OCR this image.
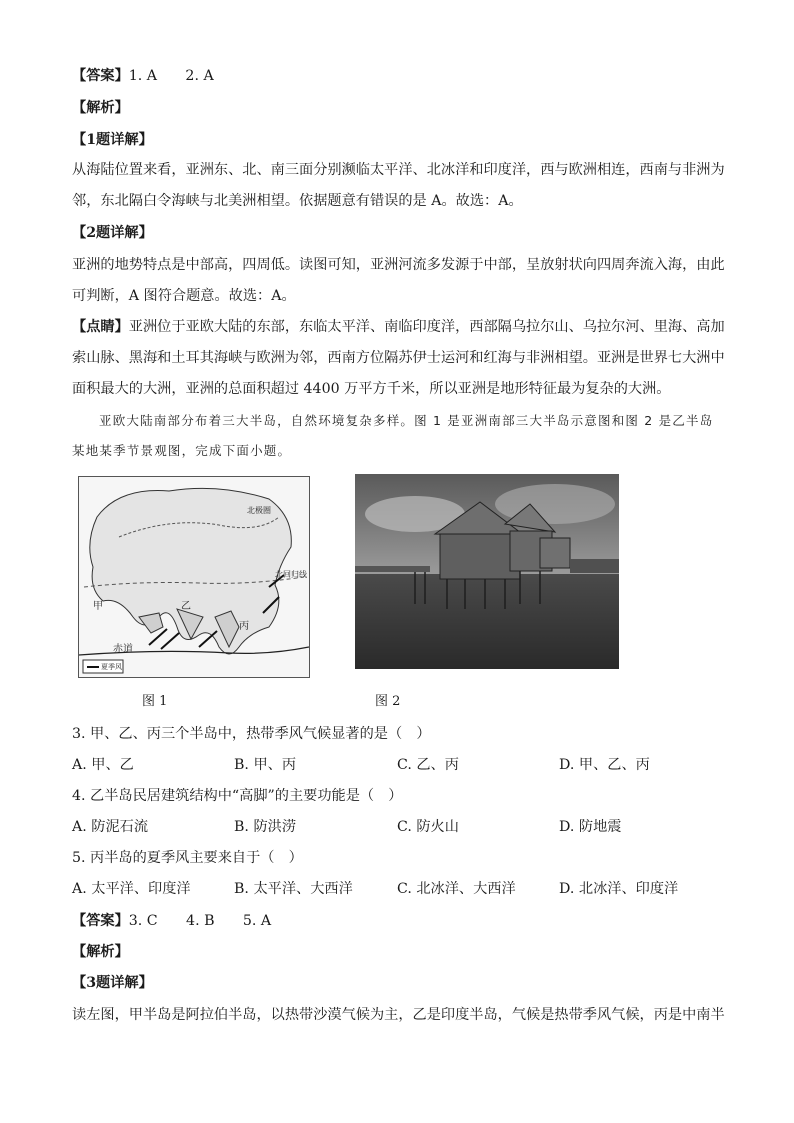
【答案】1. A　　2. A
【解析】
【1题详解】
从海陆位置来看，亚洲东、北、南三面分别濒临太平洋、北冰洋和印度洋，西与欧洲相连，西南与非洲为
邻，东北隔白令海峡与北美洲相望。依据题意有错误的是 A。故选：A。
【2题详解】
亚洲的地势特点是中部高，四周低。读图可知，亚洲河流多发源于中部，呈放射状向四周奔流入海，由此
可判断，A 图符合题意。故选：A。
【点睛】亚洲位于亚欧大陆的东部，东临太平洋、南临印度洋，西部隔乌拉尔山、乌拉尔河、里海、高加
索山脉、黑海和土耳其海峡与欧洲为邻，西南方位隔苏伊士运河和红海与非洲相望。亚洲是世界七大洲中
面积最大的大洲，亚洲的总面积超过 4400 万平方千米，所以亚洲是地形特征最为复杂的大洲。
亚欧大陆南部分布着三大半岛，自然环境复杂多样。图 1 是亚洲南部三大半岛示意图和图 2 是乙半岛
某地某季节景观图，完成下面小题。
甲	乙
丙
赤道
夏季风
北极圈
北回归线
图 1	图 2
3. 甲、乙、丙三个半岛中，热带季风气候显著的是（　）
A. 甲、乙	B. 甲、丙	C. 乙、丙	D. 甲、乙、丙
4. 乙半岛民居建筑结构中“高脚”的主要功能是（　）
A. 防泥石流	B. 防洪涝	C. 防火山	D. 防地震
5. 丙半岛的夏季风主要来自于（　）
A. 太平洋、印度洋	B. 太平洋、大西洋	C. 北冰洋、大西洋	D. 北冰洋、印度洋
【答案】3. C　　4. B　　5. A
【解析】
【3题详解】
读左图，甲半岛是阿拉伯半岛，以热带沙漠气候为主，乙是印度半岛，气候是热带季风气候，丙是中南半
